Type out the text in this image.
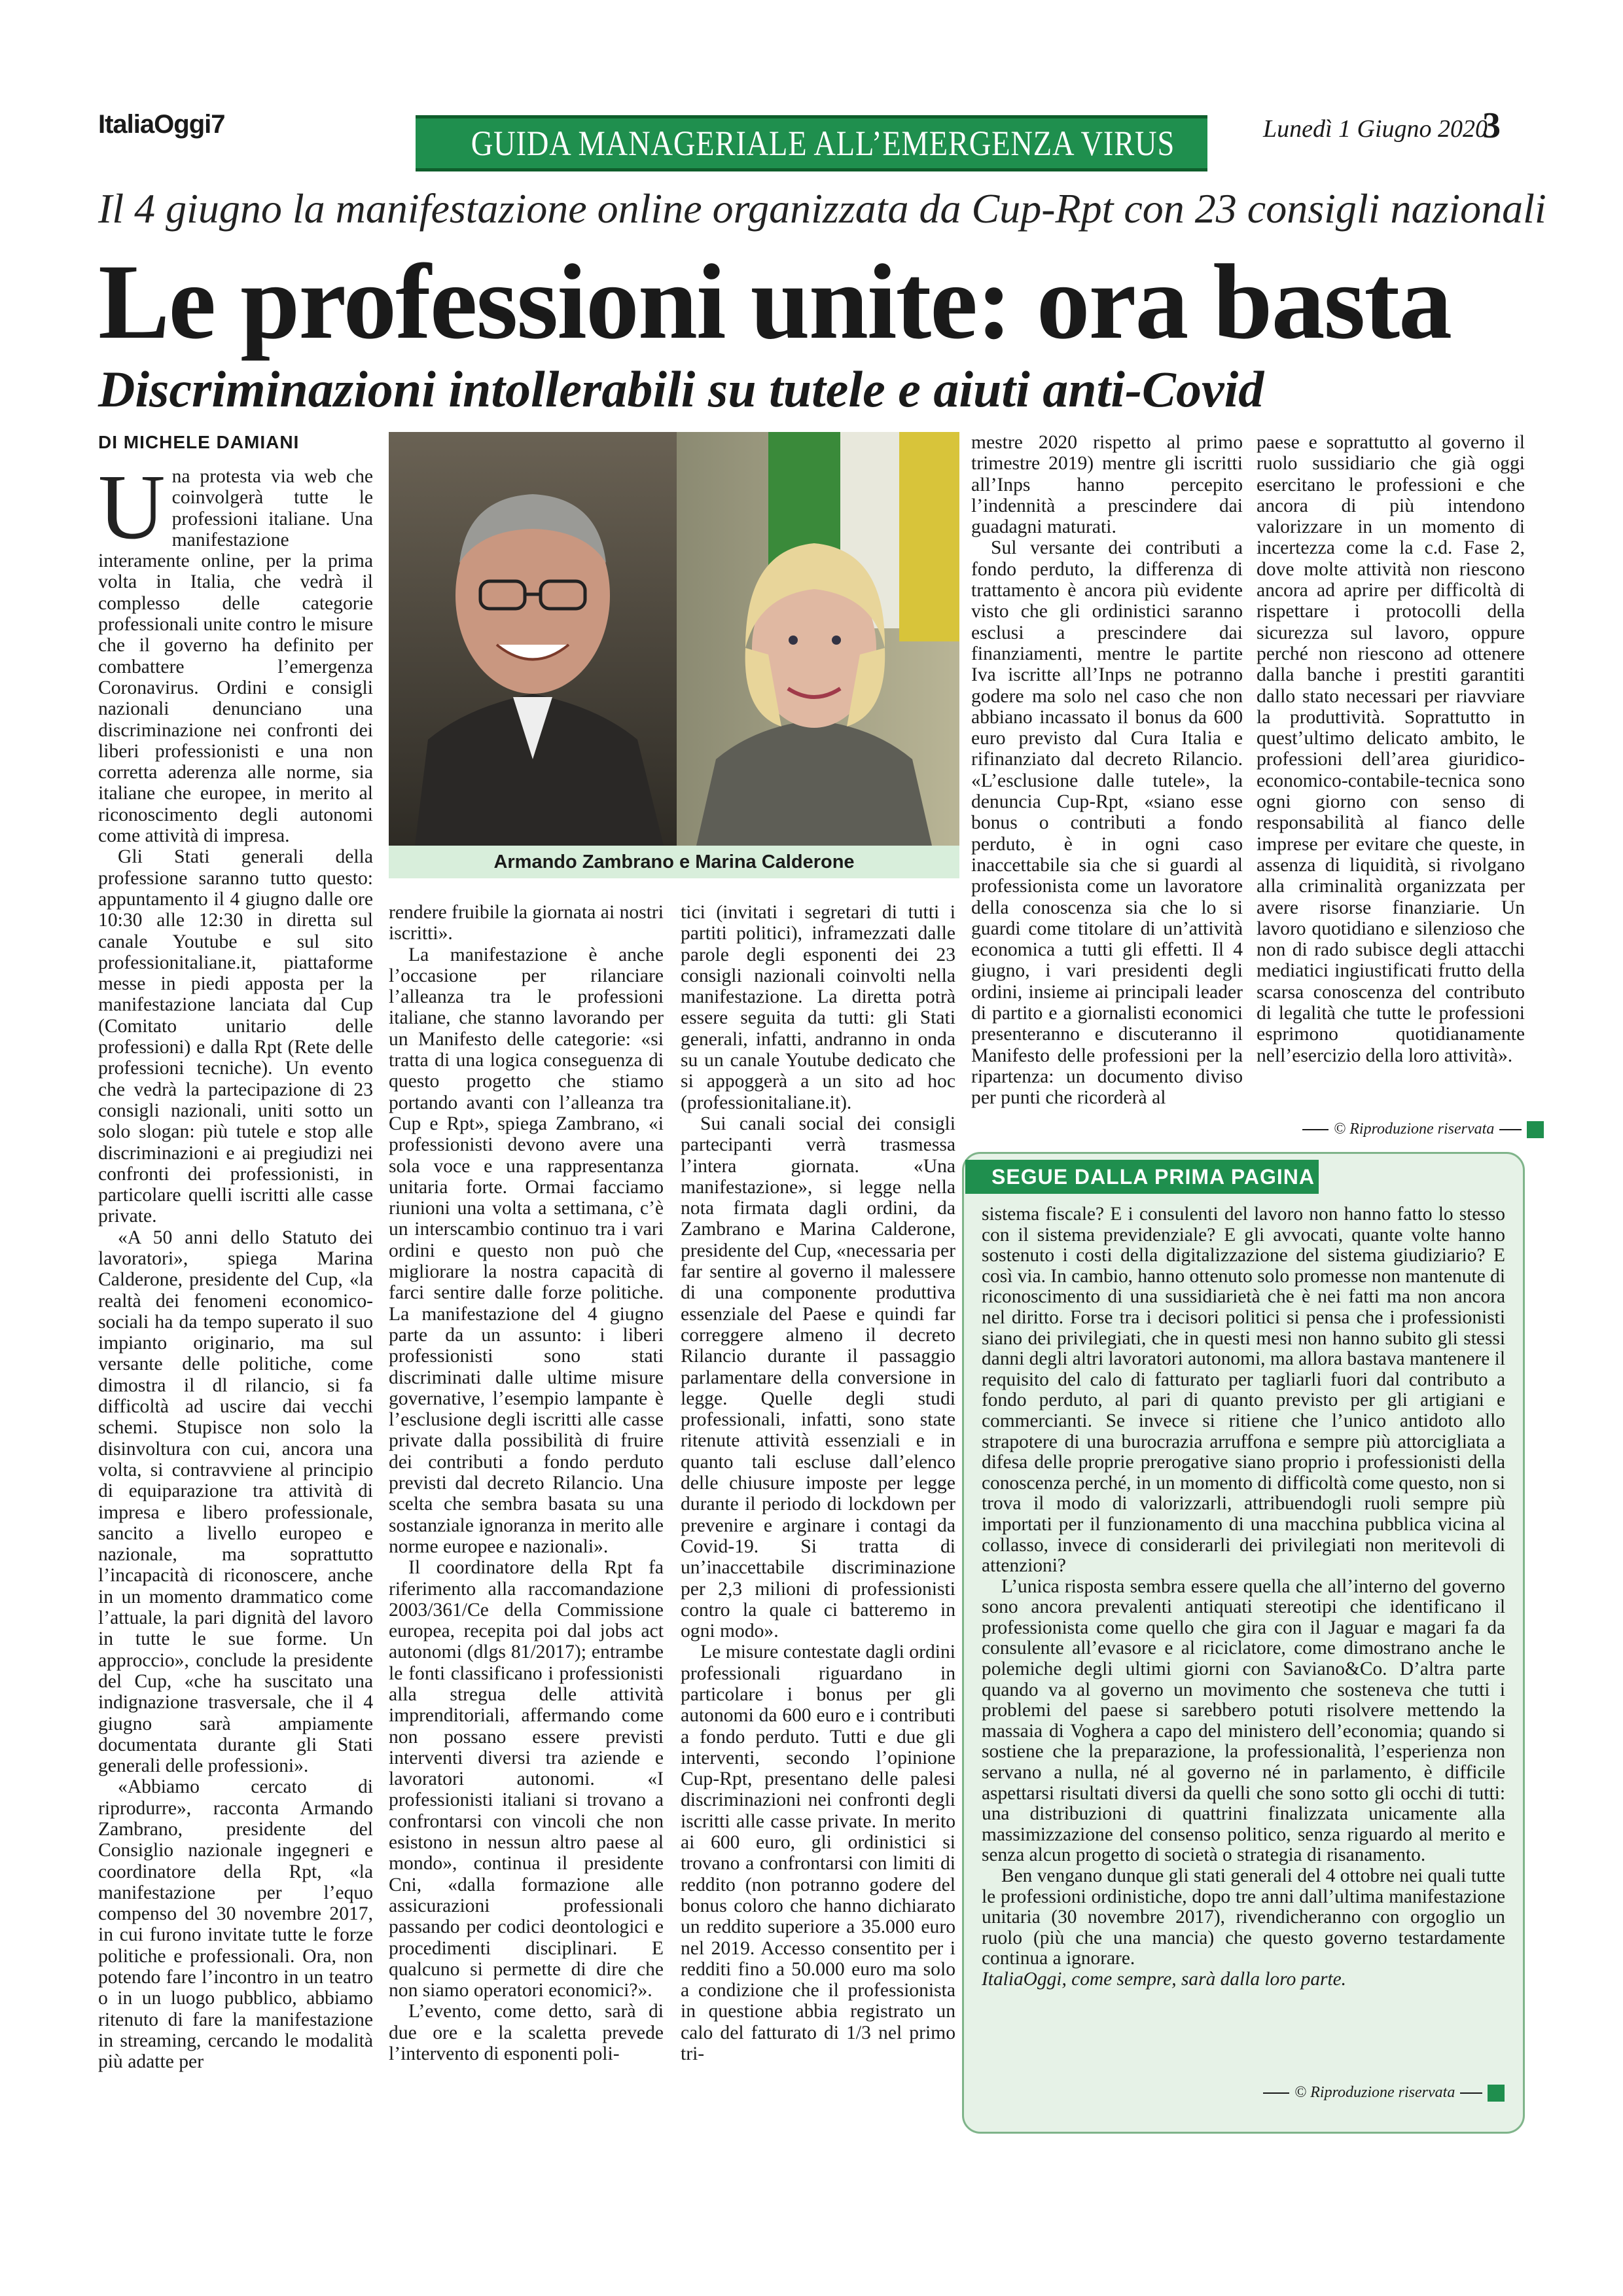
ItaliaOggi7	GUIDA MANAGERIALE ALL’EMERGENZA VIRUS	Lunedì 1 Giugno 2020
3
Il 4 giugno la manifestazione online organizzata da Cup-Rpt con 23 consigli nazionali
Le professioni unite: ora basta
Discriminazioni intollerabili su tutele e aiuti anti-Covid
DI MICHELE DAMIANI
U na protesta via web che coinvolgerà tutte le professioni italiane. Una manifestazione interamente online, per la prima volta in Italia, che vedrà il complesso delle categorie professionali unite contro le misure che il governo ha definito per combattere l’emergenza Coronavirus. Ordini e consigli nazionali denunciano una discriminazione nei confronti dei liberi professionisti e una non corretta aderenza alle norme, sia italiane che europee, in merito al riconoscimento degli autonomi come attività di impresa.

Gli Stati generali della professione saranno tutto questo: appuntamento il 4 giugno dalle ore 10:30 alle 12:30 in diretta sul canale Youtube e sul sito professionitaliane.it, piattaforme messe in piedi apposta per la manifestazione lanciata dal Cup (Comitato unitario delle professioni) e dalla Rpt (Rete delle professioni tecniche). Un evento che vedrà la partecipazione di 23 consigli nazionali, uniti sotto un solo slogan: più tutele e stop alle discriminazioni e ai pregiudizi nei confronti dei professionisti, in particolare quelli iscritti alle casse private.

«A 50 anni dello Statuto dei lavoratori», spiega Marina Calderone, presidente del Cup, «la realtà dei fenomeni economico-sociali ha da tempo superato il suo impianto originario, ma sul versante delle politiche, come dimostra il dl rilancio, si fa difficoltà ad uscire dai vecchi schemi. Stupisce non solo la disinvoltura con cui, ancora una volta, si contravviene al principio di equiparazione tra attività di impresa e libero professionale, sancito a livello europeo e nazionale, ma soprattutto l’incapacità di riconoscere, anche in un momento drammatico come l’attuale, la pari dignità del lavoro in tutte le sue forme. Un approccio», conclude la presidente del Cup, «che ha suscitato una indignazione trasversale, che il 4 giugno sarà ampiamente documentata durante gli Stati generali delle professioni».

«Abbiamo cercato di riprodurre», racconta Armando Zambrano, presidente del Consiglio nazionale ingegneri e coordinatore della Rpt, «la manifestazione per l’equo compenso del 30 novembre 2017, in cui furono invitate tutte le forze politiche e professionali. Ora, non potendo fare l’incontro in un teatro o in un luogo pubblico, abbiamo ritenuto di fare la manifestazione in streaming, cercando le modalità più adatte per

Armando Zambrano e Marina Calderone

rendere fruibile la giornata ai nostri iscritti».

La manifestazione è anche l’occasione per rilanciare l’alleanza tra le professioni italiane, che stanno lavorando per un Manifesto delle categorie: «si tratta di una logica conseguenza di questo progetto che stiamo portando avanti con l’alleanza tra Cup e Rpt», spiega Zambrano, «i professionisti devono avere una sola voce e una rappresentanza unitaria forte. Ormai facciamo riunioni una volta a settimana, c’è un interscambio continuo tra i vari ordini e questo non può che migliorare la nostra capacità di farci sentire dalle forze politiche. La manifestazione del 4 giugno parte da un assunto: i liberi professionisti sono stati discriminati dalle ultime misure governative, l’esempio lampante è l’esclusione degli iscritti alle casse private dalla possibilità di fruire dei contributi a fondo perduto previsti dal decreto Rilancio. Una scelta che sembra basata su una sostanziale ignoranza in merito alle norme europee e nazionali».

Il coordinatore della Rpt fa riferimento alla raccomandazione 2003/361/Ce della Commissione europea, recepita poi dal jobs act autonomi (dlgs 81/2017); entrambe le fonti classificano i professionisti alla stregua delle attività imprenditoriali, affermando come non possano essere previsti interventi diversi tra aziende e lavoratori autonomi. «I professionisti italiani si trovano a confrontarsi con vincoli che non esistono in nessun altro paese al mondo», continua il presidente Cni, «dalla formazione alle assicurazioni professionali passando per codici deontologici e procedimenti disciplinari. E qualcuno si permette di dire che non siamo operatori economici?».

L’evento, come detto, sarà di due ore e la scaletta prevede l’intervento di esponenti poli-

tici (invitati i segretari di tutti i partiti politici), inframezzati dalle parole degli esponenti dei 23 consigli nazionali coinvolti nella manifestazione. La diretta potrà essere seguita da tutti: gli Stati generali, infatti, andranno in onda su un canale Youtube dedicato che si appoggerà a un sito ad hoc (professionitaliane.it).

Sui canali social dei consigli partecipanti verrà trasmessa l’intera giornata. «Una manifestazione», si legge nella nota firmata dagli ordini, da Zambrano e Marina Calderone, presidente del Cup, «necessaria per far sentire al governo il malessere di una componente produttiva essenziale del Paese e quindi far correggere almeno il decreto Rilancio durante il passaggio parlamentare della conversione in legge. Quelle degli studi professionali, infatti, sono state ritenute attività essenziali e in quanto tali escluse dall’elenco delle chiusure imposte per legge durante il periodo di lockdown per prevenire e arginare i contagi da Covid-19. Si tratta di un’inaccettabile discriminazione per 2,3 milioni di professionisti contro la quale ci batteremo in ogni modo».

Le misure contestate dagli ordini professionali riguardano in particolare i bonus per gli autonomi da 600 euro e i contributi a fondo perduto. Tutti e due gli interventi, secondo l’opinione Cup-Rpt, presentano delle palesi discriminazioni nei confronti degli iscritti alle casse private. In merito ai 600 euro, gli ordinistici si trovano a confrontarsi con limiti di reddito (non potranno godere del bonus coloro che hanno dichiarato un reddito superiore a 35.000 euro nel 2019. Accesso consentito per i redditi fino a 50.000 euro ma solo a condizione che il professionista in questione abbia registrato un calo del fatturato di 1/3 nel primo tri-

mestre 2020 rispetto al primo trimestre 2019) mentre gli iscritti all’Inps hanno percepito l’indennità a prescindere dai guadagni maturati.

Sul versante dei contributi a fondo perduto, la differenza di trattamento è ancora più evidente visto che gli ordinistici saranno esclusi a prescindere dai finanziamenti, mentre le partite Iva iscritte all’Inps ne potranno godere ma solo nel caso che non abbiano incassato il bonus da 600 euro previsto dal Cura Italia e rifinanziato dal decreto Rilancio. «L’esclusione dalle tutele», la denuncia Cup-Rpt, «siano esse bonus o contributi a fondo perduto, è in ogni caso inaccettabile sia che si guardi al professionista come un lavoratore della conoscenza sia che lo si guardi come titolare di un’attività economica a tutti gli effetti. Il 4 giugno, i vari presidenti degli ordini, insieme ai principali leader di partito e a giornalisti economici presenteranno e discuteranno il Manifesto delle professioni per la ripartenza: un documento diviso per punti che ricorderà al

paese e soprattutto al governo il ruolo sussidiario che già oggi esercitano le professioni e che ancora di più intendono valorizzare in un momento di incertezza come la c.d. Fase 2, dove molte attività non riescono ancora ad aprire per difficoltà di rispettare i protocolli della sicurezza sul lavoro, oppure perché non riescono ad ottenere dalla banche i prestiti garantiti dallo stato necessari per riavviare la produttività. Soprattutto in quest’ultimo delicato ambito, le professioni dell’area giuridico-economico-contabile-tecnica sono ogni giorno con senso di responsabilità al fianco delle imprese per evitare che queste, in assenza di liquidità, si rivolgano alla criminalità organizzata per avere risorse finanziarie. Un lavoro quotidiano e silenzioso che non di rado subisce degli attacchi mediatici ingiustificati frutto della scarsa conoscenza del contributo di legalità che tutte le professioni esprimono quotidianamente nell’esercizio della loro attività».

© Riproduzione riservata
SEGUE DALLA PRIMA PAGINA

sistema fiscale? E i consulenti del lavoro non hanno fatto lo stesso con il sistema previdenziale? E gli avvocati, quante volte hanno sostenuto i costi della digitalizzazione del sistema giudiziario? E così via. In cambio, hanno ottenuto solo promesse non mantenute di riconoscimento di una sussidiarietà che è nei fatti ma non ancora nel diritto. Forse tra i decisori politici si pensa che i professionisti siano dei privilegiati, che in questi mesi non hanno subito gli stessi danni degli altri lavoratori autonomi, ma allora bastava mantenere il requisito del calo di fatturato per tagliarli fuori dal contributo a fondo perduto, al pari di quanto previsto per gli artigiani e commercianti. Se invece si ritiene che l’unico antidoto allo strapotere di una burocrazia arruffona e sempre più attorcigliata a difesa delle proprie prerogative siano proprio i professionisti della conoscenza perché, in un momento di difficoltà come questo, non si trova il modo di valorizzarli, attribuendogli ruoli sempre più importati per il funzionamento di una macchina pubblica vicina al collasso, invece di considerarli dei privilegiati non meritevoli di attenzioni?

L’unica risposta sembra essere quella che all’interno del governo sono ancora prevalenti antiquati stereotipi che identificano il professionista come quello che gira con il Jaguar e magari fa da consulente all’evasore e al riciclatore, come dimostrano anche le polemiche degli ultimi giorni con Saviano&Co. D’altra parte quando va al governo un movimento che sosteneva che tutti i problemi del paese si sarebbero potuti risolvere mettendo la massaia di Voghera a capo del ministero dell’economia; quando si sostiene che la preparazione, la professionalità, l’esperienza non servano a nulla, né al governo né in parlamento, è difficile aspettarsi risultati diversi da quelli che sono sotto gli occhi di tutti: una distribuzioni di quattrini finalizzata unicamente alla massimizzazione del consenso politico, senza riguardo al merito e senza alcun progetto di società o strategia di risanamento.

Ben vengano dunque gli stati generali del 4 ottobre nei quali tutte le professioni ordinistiche, dopo tre anni dall’ultima manifestazione unitaria (30 novembre 2017), rivendicheranno con orgoglio un ruolo (più che una mancia) che questo governo testardamente continua a ignorare.

ItaliaOggi, come sempre, sarà dalla loro parte.

© Riproduzione riservata
